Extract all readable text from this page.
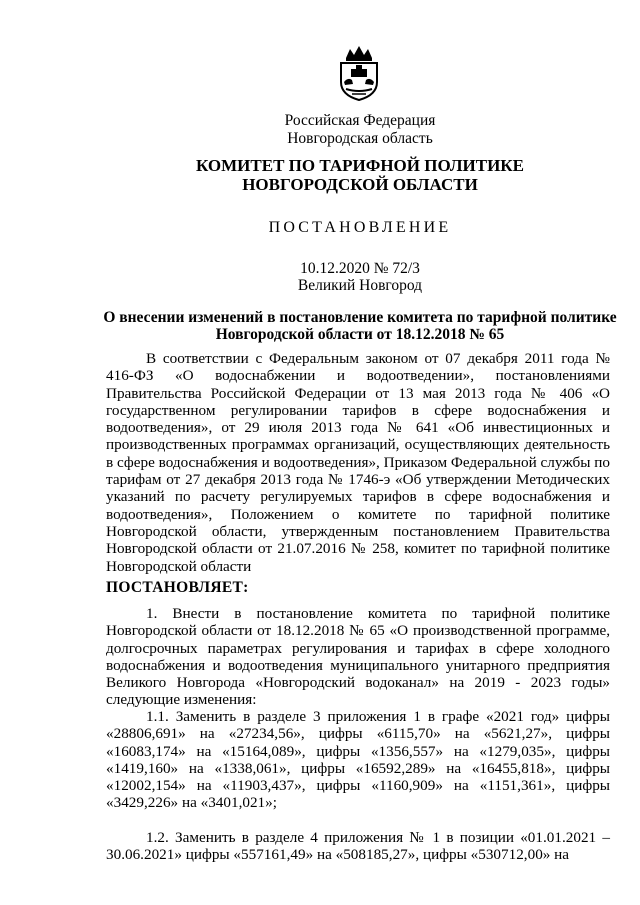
Российская Федерация
Новгородская область
КОМИТЕТ ПО ТАРИФНОЙ ПОЛИТИКЕ НОВГОРОДСКОЙ ОБЛАСТИ
ПОСТАНОВЛЕНИЕ
10.12.2020 № 72/3
Великий Новгород
О внесении изменений в постановление комитета по тарифной политике Новгородской области от 18.12.2018 № 65

В соответствии с Федеральным законом от 07 декабря 2011 года № 416-ФЗ «О водоснабжении и водоотведении», постановлениями Правительства Российской Федерации от 13 мая 2013 года № 406 «О государственном регулировании тарифов в сфере водоснабжения и водоотведения», от 29 июля 2013 года № 641 «Об инвестиционных и производственных программах организаций, осуществляющих деятельность в сфере водоснабжения и водоотведения», Приказом Федеральной службы по тарифам от 27 декабря 2013 года № 1746-э «Об утверждении Методических указаний по расчету регулируемых тарифов в сфере водоснабжения и водоотведения», Положением о комитете по тарифной политике Новгородской области, утвержденным постановлением Правительства Новгородской области от 21.07.2016 № 258, комитет по тарифной политике Новгородской области

ПОСТАНОВЛЯЕТ:

1. Внести в постановление комитета по тарифной политике Новгородской области от 18.12.2018 № 65 «О производственной программе, долгосрочных параметрах регулирования и тарифах в сфере холодного водоснабжения и водоотведения муниципального унитарного предприятия Великого Новгорода «Новгородский водоканал» на 2019 - 2023 годы» следующие изменения:

1.1. Заменить в разделе 3 приложения 1 в графе «2021 год» цифры «28806,691» на «27234,56», цифры «6115,70» на «5621,27», цифры «16083,174» на «15164,089», цифры «1356,557» на «1279,035», цифры «1419,160» на «1338,061», цифры «16592,289» на «16455,818», цифры «12002,154» на «11903,437», цифры «1160,909» на «1151,361», цифры «3429,226» на «3401,021»;

1.2. Заменить в разделе 4 приложения № 1 в позиции «01.01.2021 – 30.06.2021» цифры «557161,49» на «508185,27», цифры «530712,00» на
